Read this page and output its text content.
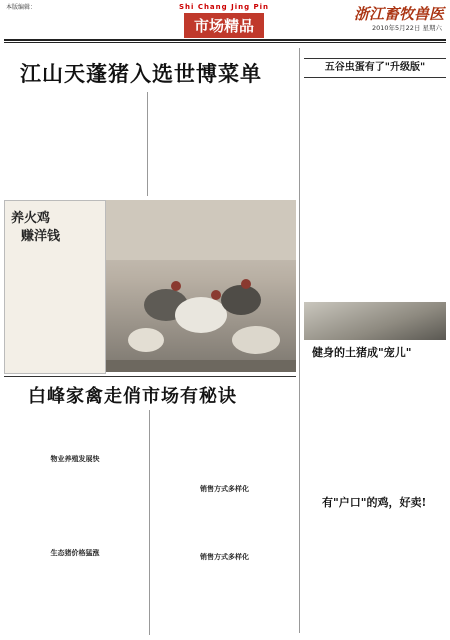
本版编辑：	Shi Chang Jing Pin
市场精品
浙江畜牧兽医
2010年5月22日 星期六
江山天蓬猪入选世博菜单
养火鸡
赚洋钱
白峰家禽走俏市场有秘诀
物业养殖发展快
生态猪价格猛涨
销售方式多样化
销售方式多样化
五谷虫蛋有了"升级版"
健身的土猪成"宠儿"
有"户口"的鸡，好卖!
